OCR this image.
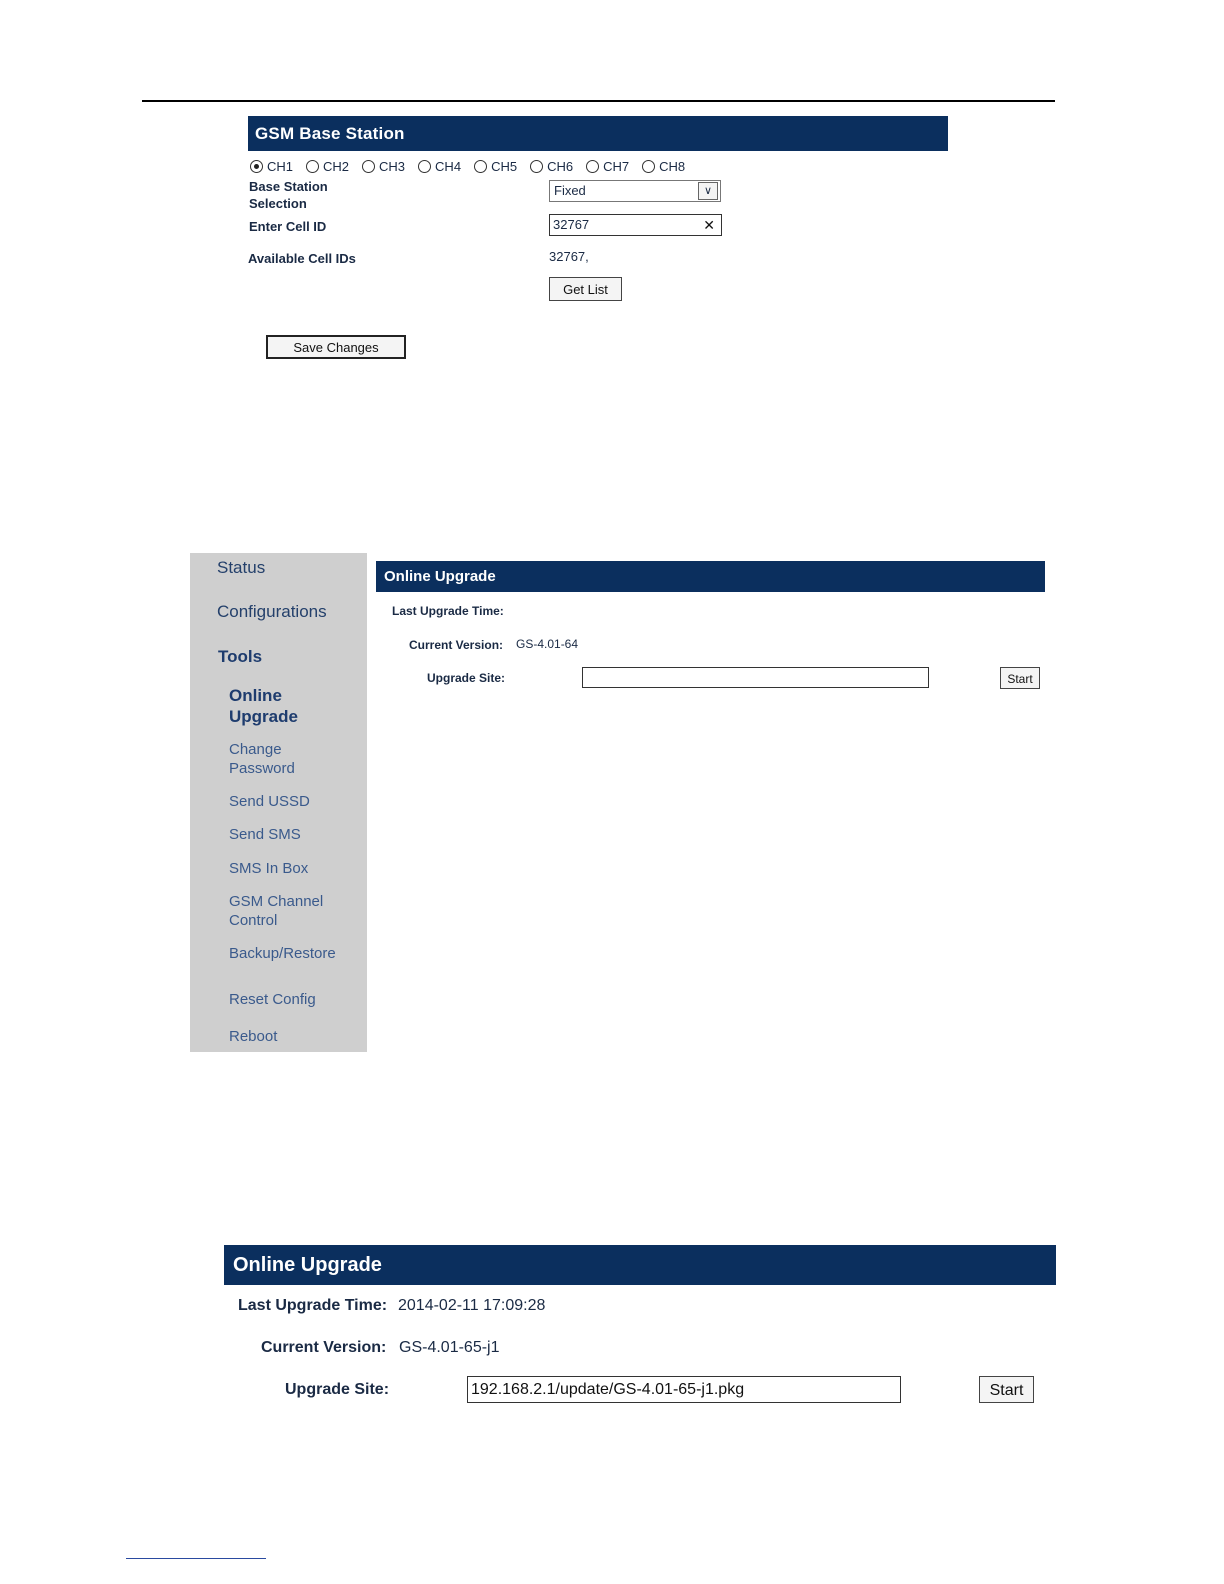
GSM Base Station
CH1 CH2 CH3 CH4 CH5 CH6 CH7 CH8
Base Station
Selection
Fixed	∨
Enter Cell ID	32767	✕
Available Cell IDs	32767,
Get List
Save Changes
Status
Configurations
Tools
Online
Upgrade
Change
Password
Send USSD
Send SMS
SMS In Box
GSM Channel
Control
Backup/Restore
Reset Config
Reboot
Online Upgrade
Last Upgrade Time:
Current Version: GS-4.01-64
Upgrade Site:	Start
Online Upgrade
Last Upgrade Time: 2014-02-11 17:09:28
Current Version: GS-4.01-65-j1
Upgrade Site:	192.168.2.1/update/GS-4.01-65-j1.pkg	Start
